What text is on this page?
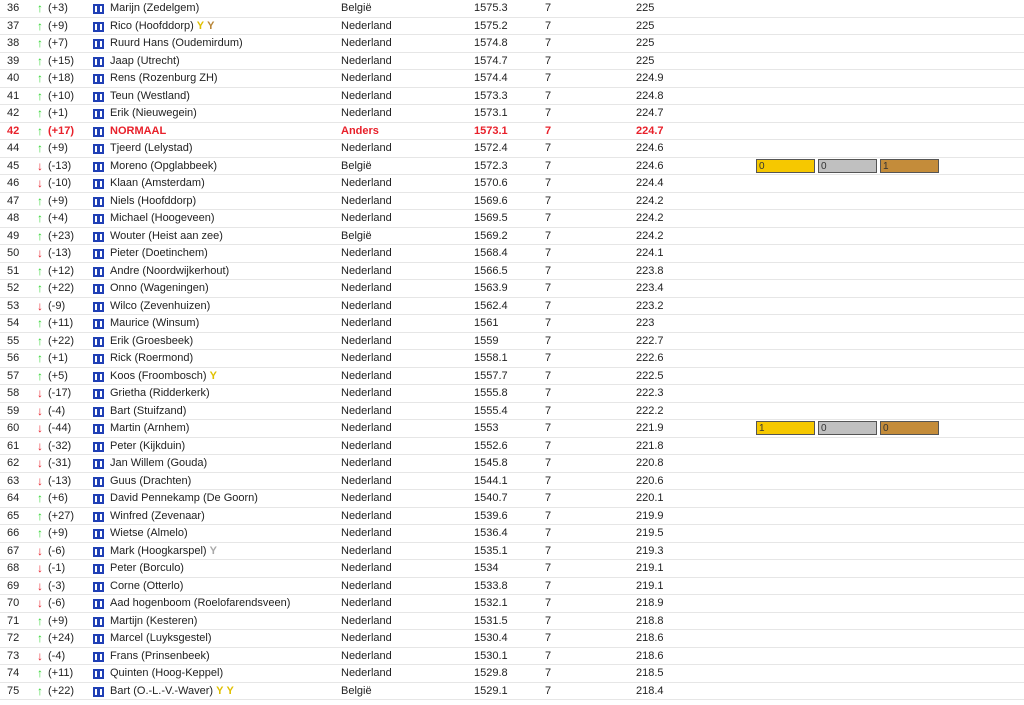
36 ↑ (+3)	Marijn (Zedelgem)	België	1575.3	7	225
37 ↑ (+9)	Rico (Hoofddorp) Y Y	Nederland	1575.2	7	225
38 ↑ (+7)	Ruurd Hans (Oudemirdum)	Nederland	1574.8	7	225
39 ↑ (+15)	Jaap (Utrecht)	Nederland	1574.7	7	225
40 ↑ (+18)	Rens (Rozenburg ZH)	Nederland	1574.4	7	224.9
41 ↑ (+10)	Teun (Westland)	Nederland	1573.3	7	224.8
42 ↑ (+1)	Erik (Nieuwegein)	Nederland	1573.1	7	224.7
42 ↑ (+17)	NORMAAL	Anders	1573.1	7	224.7
44 ↑ (+9)	Tjeerd (Lelystad)	Nederland	1572.4	7	224.6
45 ↓ (-13)	Moreno (Opglabbeek)	België	1572.3	7	224.6	0	0	1
46 ↓ (-10)	Klaan (Amsterdam)	Nederland	1570.6	7	224.4
47 ↑ (+9)	Niels (Hoofddorp)	Nederland	1569.6	7	224.2
48 ↑ (+4)	Michael (Hoogeveen)	Nederland	1569.5	7	224.2
49 ↑ (+23)	Wouter (Heist aan zee)	België	1569.2	7	224.2
50 ↓ (-13)	Pieter (Doetinchem)	Nederland	1568.4	7	224.1
51 ↑ (+12)	Andre (Noordwijkerhout)	Nederland	1566.5	7	223.8
52 ↑ (+22)	Onno (Wageningen)	Nederland	1563.9	7	223.4
53 ↓ (-9)	Wilco (Zevenhuizen)	Nederland	1562.4	7	223.2
54 ↑ (+11)	Maurice (Winsum)	Nederland	1561	7	223
55 ↑ (+22)	Erik (Groesbeek)	Nederland	1559	7	222.7
56 ↑ (+1)	Rick (Roermond)	Nederland	1558.1	7	222.6
57 ↑ (+5)	Koos (Froombosch) Y	Nederland	1557.7	7	222.5
58 ↓ (-17)	Grietha (Ridderkerk)	Nederland	1555.8	7	222.3
59 ↓ (-4)	Bart (Stuifzand)	Nederland	1555.4	7	222.2
60 ↓ (-44)	Martin (Arnhem)	Nederland	1553	7	221.9	1	0	0
61 ↓ (-32)	Peter (Kijkduin)	Nederland	1552.6	7	221.8
62 ↓ (-31)	Jan Willem (Gouda)	Nederland	1545.8	7	220.8
63 ↓ (-13)	Guus (Drachten)	Nederland	1544.1	7	220.6
64 ↑ (+6)	David Pennekamp (De Goorn)	Nederland	1540.7	7	220.1
65 ↑ (+27)	Winfred (Zevenaar)	Nederland	1539.6	7	219.9
66 ↑ (+9)	Wietse (Almelo)	Nederland	1536.4	7	219.5
67 ↓ (-6)	Mark (Hoogkarspel) Y	Nederland	1535.1	7	219.3
68 ↓ (-1)	Peter (Borculo)	Nederland	1534	7	219.1
69 ↓ (-3)	Corne (Otterlo)	Nederland	1533.8	7	219.1
70 ↓ (-6)	Aad hogenboom (Roelofarendsveen)	Nederland	1532.1	7	218.9
71 ↑ (+9)	Martijn (Kesteren)	Nederland	1531.5	7	218.8
72 ↑ (+24)	Marcel (Luyksgestel)	Nederland	1530.4	7	218.6
73 ↓ (-4)	Frans (Prinsenbeek)	Nederland	1530.1	7	218.6
74 ↑ (+11)	Quinten (Hoog-Keppel)	Nederland	1529.8	7	218.5
75 ↑ (+22)	Bart (O.-L.-V.-Waver) Y Y	België	1529.1	7	218.4
